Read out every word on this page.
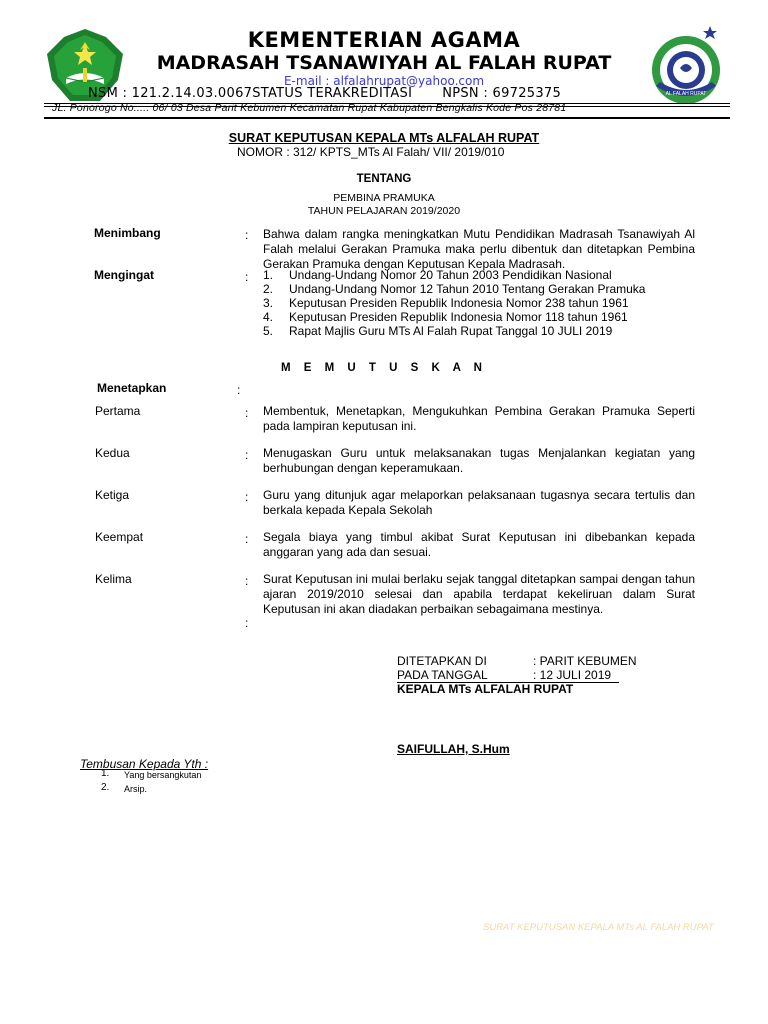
AL FALAH RUPAT
KEMENTERIAN AGAMA
MADRASAH TSANAWIYAH AL FALAH RUPAT
E-mail : alfalahrupat@yahoo.com
NSM : 121.2.14.03.0067STATUS TERAKREDITASI NPSN : 69725375
JL. Ponorogo No..... 06/ 03 Desa Parit Kebumen Kecamatan Rupat Kabupaten Bengkalis Kode Pos 28781
SURAT KEPUTUSAN KEPALA MTs ALFALAH RUPAT
NOMOR : 312/ KPTS_MTs Al Falah/ VII/ 2019/010
TENTANG
PEMBINA PRAMUKA
TAHUN PELAJARAN 2019/2020
Menimbang	: Bahwa dalam rangka meningkatkan Mutu Pendidikan Madrasah Tsanawiyah Al Falah melalui Gerakan Pramuka maka perlu dibentuk dan ditetapkan Pembina Gerakan Pramuka dengan Keputusan Kepala Madrasah.
Mengingat	: 1. Undang-Undang Nomor 20 Tahun 2003 Pendidikan Nasional
2. Undang-Undang Nomor 12 Tahun 2010 Tentang Gerakan Pramuka
3. Keputusan Presiden Republik Indonesia Nomor 238 tahun 1961
4. Keputusan Presiden Republik Indonesia Nomor 118 tahun 1961
5. Rapat Majlis Guru MTs Al Falah Rupat Tanggal 10 JULI 2019
M E M U T U S K A N
Menetapkan	:
Pertama	: Membentuk, Menetapkan, Mengukuhkan Pembina Gerakan Pramuka Seperti pada lampiran keputusan ini.
Kedua	: Menugaskan Guru untuk melaksanakan tugas Menjalankan kegiatan yang berhubungan dengan keperamukaan.
Ketiga	: Guru yang ditunjuk agar melaporkan pelaksanaan tugasnya secara tertulis dan berkala kepada Kepala Sekolah
Keempat	: Segala biaya yang timbul akibat Surat Keputusan ini dibebankan kepada anggaran yang ada dan sesuai.
Kelima	: Surat Keputusan ini mulai berlaku sejak tanggal ditetapkan sampai dengan tahun ajaran 2019/2010 selesai dan apabila terdapat kekeliruan dalam Surat Keputusan ini akan diadakan perbaikan sebagaimana mestinya.
:
DITETAPKAN DI	: PARIT KEBUMEN
PADA TANGGAL	: 12 JULI 2019
KEPALA MTs ALFALAH RUPAT
SAIFULLAH, S.Hum
Tembusan Kepada Yth :
1. Yang bersangkutan
2. Arsip.
SURAT KEPUTUSAN KEPALA MTs AL FALAH RUPAT
